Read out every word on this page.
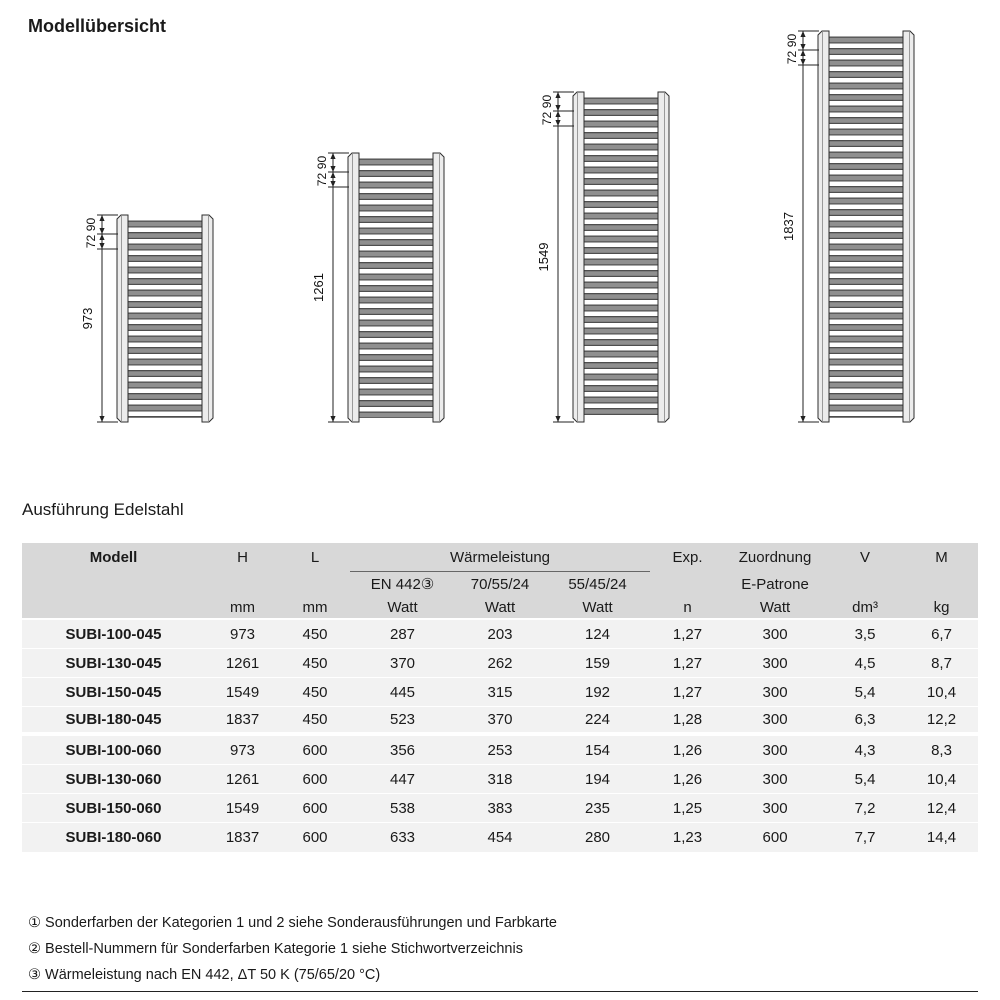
Modellübersicht
973
90
72
1261
90
72
1549
90
72
1837
90
72
Ausführung Edelstahl
Modell	H	L	Wärmeleistung			Exp.	Zuordnung	V	M
			EN 442③	70/55/24	55/45/24		E-Patrone		
	mm	mm	Watt	Watt	Watt	n	Watt	dm³	kg
SUBI-100-045	973	450	287	203	124	1,27	300	3,5	6,7
SUBI-130-045	1261	450	370	262	159	1,27	300	4,5	8,7
SUBI-150-045	1549	450	445	315	192	1,27	300	5,4	10,4
SUBI-180-045	1837	450	523	370	224	1,28	300	6,3	12,2
SUBI-100-060	973	600	356	253	154	1,26	300	4,3	8,3
SUBI-130-060	1261	600	447	318	194	1,26	300	5,4	10,4
SUBI-150-060	1549	600	538	383	235	1,25	300	7,2	12,4
SUBI-180-060	1837	600	633	454	280	1,23	600	7,7	14,4
① Sonderfarben der Kategorien 1 und 2 siehe Sonderausführungen und Farbkarte
② Bestell-Nummern für Sonderfarben Kategorie 1 siehe Stichwortverzeichnis
③ Wärmeleistung nach EN 442, ΔT 50 K (75/65/20 °C)
